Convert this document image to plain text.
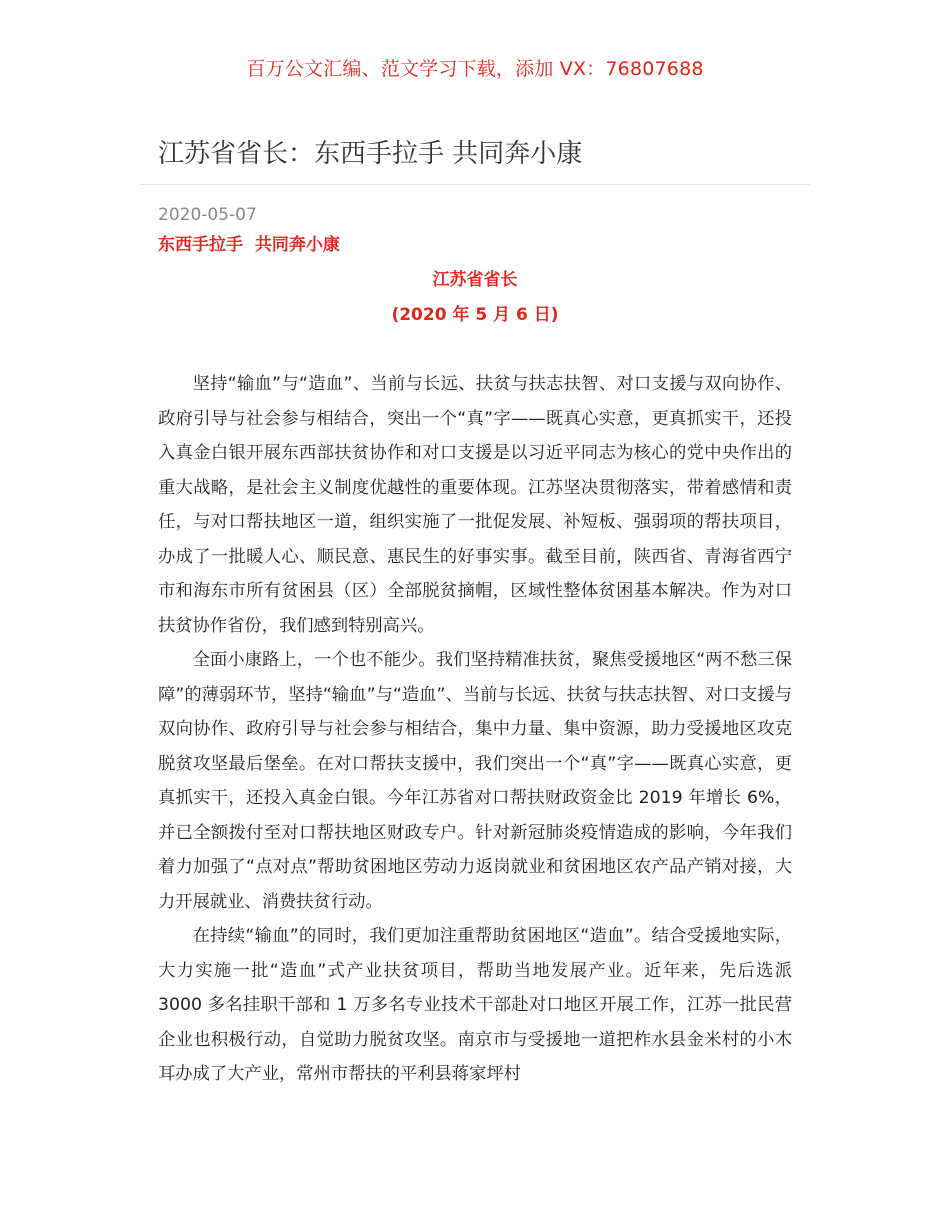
百万公文汇编、范文学习下载，添加 VX：76807688
江苏省省长：东西手拉手 共同奔小康
2020-05-07
东西手拉手  共同奔小康
江苏省省长
(2020 年 5 月 6 日)

坚持“输血”与“造血”、当前与长远、扶贫与扶志扶智、对口支援与双向协作、政府引导与社会参与相结合，突出一个“真”字——既真心实意，更真抓实干，还投入真金白银开展东西部扶贫协作和对口支援是以习近平同志为核心的党中央作出的重大战略，是社会主义制度优越性的重要体现。江苏坚决贯彻落实，带着感情和责任，与对口帮扶地区一道，组织实施了一批促发展、补短板、强弱项的帮扶项目，办成了一批暖人心、顺民意、惠民生的好事实事。截至目前，陕西省、青海省西宁市和海东市所有贫困县（区）全部脱贫摘帽，区域性整体贫困基本解决。作为对口扶贫协作省份，我们感到特别高兴。

全面小康路上，一个也不能少。我们坚持精准扶贫，聚焦受援地区“两不愁三保障”的薄弱环节，坚持“输血”与“造血”、当前与长远、扶贫与扶志扶智、对口支援与双向协作、政府引导与社会参与相结合，集中力量、集中资源，助力受援地区攻克脱贫攻坚最后堡垒。在对口帮扶支援中，我们突出一个“真”字——既真心实意，更真抓实干，还投入真金白银。今年江苏省对口帮扶财政资金比 2019 年增长 6%，并已全额拨付至对口帮扶地区财政专户。针对新冠肺炎疫情造成的影响，今年我们着力加强了“点对点”帮助贫困地区劳动力返岗就业和贫困地区农产品产销对接，大力开展就业、消费扶贫行动。

在持续“输血”的同时，我们更加注重帮助贫困地区“造血”。结合受援地实际，大力实施一批“造血”式产业扶贫项目，帮助当地发展产业。近年来，先后选派 3000 多名挂职干部和 1 万多名专业技术干部赴对口地区开展工作，江苏一批民营企业也积极行动，自觉助力脱贫攻坚。南京市与受援地一道把柞水县金米村的小木耳办成了大产业，常州市帮扶的平利县蒋家坪村
